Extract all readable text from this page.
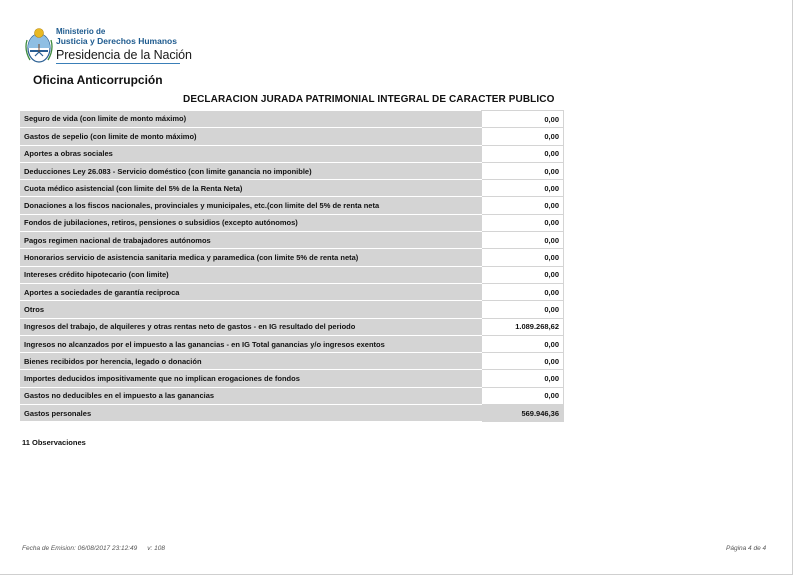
Ministerio de
Justicia y Derechos Humanos
Presidencia de la Nación
Oficina Anticorrupción
DECLARACION JURADA PATRIMONIAL INTEGRAL DE CARACTER PUBLICO
Seguro de vida (con limite de monto máximo)	0,00
Gastos de sepelio (con limite de monto máximo)	0,00
Aportes a obras sociales	0,00
Deducciones Ley 26.083 - Servicio doméstico (con limite ganancia no imponible)	0,00
Cuota médico asistencial (con limite del 5% de la Renta Neta)	0,00
Donaciones a los fiscos nacionales, provinciales y municipales, etc.(con limite del 5% de renta neta	0,00
Fondos de jubilaciones, retiros, pensiones o subsidios (excepto autónomos)	0,00
Pagos regimen nacional de trabajadores autónomos	0,00
Honorarios servicio de asistencia sanitaria medica y paramedica (con limite 5% de renta neta)	0,00
Intereses crédito hipotecario (con limite)	0,00
Aportes a sociedades de garantía reciproca	0,00
Otros	0,00
Ingresos del trabajo, de alquileres y otras rentas neto de gastos - en IG resultado del periodo	1.089.268,62
Ingresos no alcanzados por el impuesto a las ganancias - en IG Total ganancias y/o ingresos exentos	0,00
Bienes recibidos por herencia, legado o donación	0,00
Importes deducidos impositivamente que no implican erogaciones de fondos	0,00
Gastos no deducibles en el impuesto a las ganancias	0,00
Gastos personales	569.946,36
11 Observaciones
Fecha de Emision: 06/08/2017 23:12:49 v: 108	Página 4 de 4
